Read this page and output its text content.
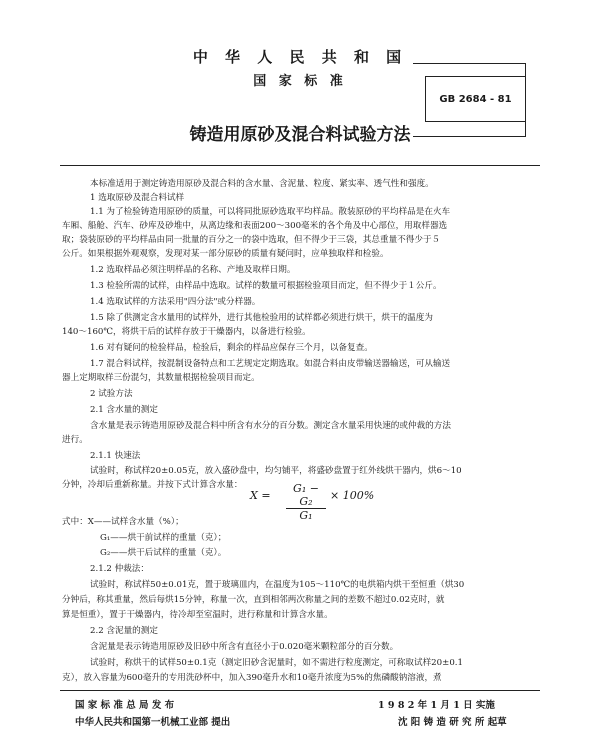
中 华 人 民 共 和 国
国 家 标 准
GB 2684 - 81
铸造用原砂及混合料试验方法
本标准适用于测定铸造用原砂及混合料的含水量、含泥量、粒度、紧实率、透气性和强度。
1 选取原砂及混合料试样
1.1 为了检验铸造用原砂的质量，可以将同批原砂选取平均样品。散装原砂的平均样品是在火车
车厢、船舱、汽车、砂库及砂堆中，从离边缘和表面200～300毫米的各个角及中心部位，用取样器选
取；袋装原砂的平均样品由同一批量的百分之一的袋中选取，但不得少于三袋，其总重量不得少于５
公斤。如果根据外观观察，发现对某一部分原砂的质量有疑问时，应单独取样和检验。
1.2 选取样品必须注明样品的名称、产地及取样日期。
1.3 检验所需的试样，由样品中选取。试样的数量可根据检验项目而定，但不得少于１公斤。
1.4 选取试样的方法采用"四分法"或分样器。
1.5 除了供测定含水量用的试样外，进行其他检验用的试样都必须进行烘干，烘干的温度为
140～160℃，将烘干后的试样存放于干燥器内，以备进行检验。
1.6 对有疑问的检验样品，检验后，剩余的样品应保存三个月，以备复查。
1.7 混合料试样，按混制设备特点和工艺规定定期选取。如混合料由皮带输送器输送，可从输送
器上定期取样三份混匀，其数量根据检验项目而定。
2 试验方法
2.1 含水量的测定
含水量是表示铸造用原砂及混合料中所含有水分的百分数。测定含水量采用快速的或仲裁的方法
进行。
2.1.1 快速法
试验时，称试样20±0.05克，放入盛砂盘中，均匀铺平，将盛砂盘置于红外线烘干器内，烘6～10
分钟，冷却后重新称量。并按下式计算含水量：
$X = \frac{\text{G₁ − G₂}}{\text{G₁}} \times 100\%$
式中：X——试样含水量（%）；
G₁——烘干前试样的重量（克）；
G₂——烘干后试样的重量（克）。
2.1.2 仲裁法：
试验时，称试样50±0.01克，置于玻璃皿内，在温度为105～110℃的电烘箱内烘干至恒重（烘30
分钟后，称其重量，然后每烘15分钟，称量一次，直到相邻两次称量之间的差数不超过0.02克时，就
算是恒重），置于干燥器内，待冷却至室温时，进行称量和计算含水量。
2.2 含泥量的测定
含泥量是表示铸造用原砂及旧砂中所含有直径小于0.020毫米颗粒部分的百分数。
试验时，称烘干的试样50±0.1克（测定旧砂含泥量时，如不需进行粒度测定，可称取试样20±0.1
克），放入容量为600毫升的专用洗砂杯中，加入390毫升水和10毫升浓度为5%的焦磷酸钠溶液，煮
国 家 标 准 总 局 发 布	1 9 8 2 年 1 月 1 日 实施
中华人民共和国第一机械工业部 提出	沈 阳 铸 造 研 究 所 起草
